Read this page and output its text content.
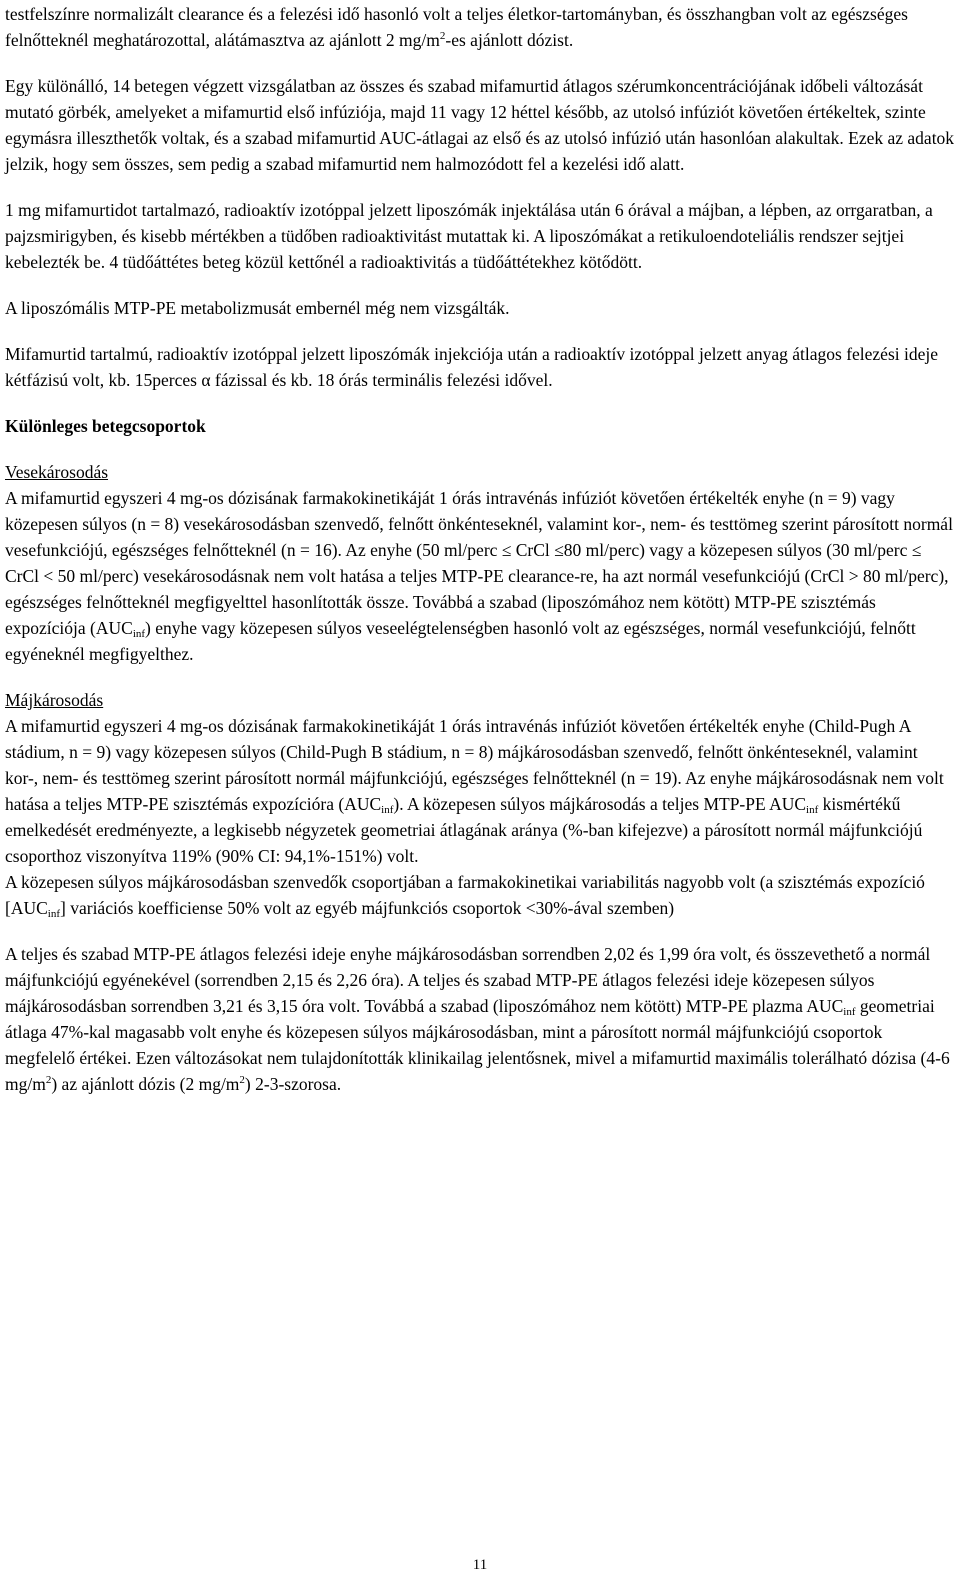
testfelszínre normalizált clearance és a felezési idő hasonló volt a teljes életkor-tartományban, és összhangban volt az egészséges felnőtteknél meghatározottal, alátámasztva az ajánlott 2 $mg/m^2-es$ ajánlott dózist.

Egy különálló, 14 betegen végzett vizsgálatban az összes és szabad mifamurtid átlagos szérumkoncentrációjának időbeli változását mutató görbék, amelyeket a mifamurtid első infúziója, majd 11 vagy 12 héttel később, az utolsó infúziót követően értékeltek, szinte egymásra illeszthetők voltak, és a szabad mifamurtid AUC-átlagai az első és az utolsó infúzió után hasonlóan alakultak. Ezek az adatok jelzik, hogy sem összes, sem pedig a szabad mifamurtid nem halmozódott fel a kezelési idő alatt.

1 mg mifamurtidot tartalmazó, radioaktív izotóppal jelzett liposzómák injektálása után 6 órával a májban, a lépben, az orrgaratban, a pajzsmirigyben, és kisebb mértékben a tüdőben radioaktivitást mutattak ki. A liposzómákat a retikuloendoteliális rendszer sejtjei kebelezték be. 4 tüdőáttétes beteg közül kettőnél a radioaktivitás a tüdőáttétekhez kötődött.

A liposzómális MTP-PE metabolizmusát embernél még nem vizsgálták.

Mifamurtid tartalmú, radioaktív izotóppal jelzett liposzómák injekciója után a radioaktív izotóppal jelzett anyag átlagos felezési ideje kétfázisú volt, kb. 15perces α fázissal és kb. 18 órás terminális felezési idővel.

Különleges betegcsoportok

Vesekárosodás

A mifamurtid egyszeri 4 mg-os dózisának farmakokinetikáját 1 órás intravénás infúziót követően értékelték enyhe (n = 9) vagy közepesen súlyos (n = 8) vesekárosodásban szenvedő, felnőtt önkénteseknél, valamint kor-, nem- és testtömeg szerint párosított normál vesefunkciójú, egészséges felnőtteknél (n = 16). Az enyhe (50 ml/perc ≤ CrCl ≤80 ml/perc) vagy a közepesen súlyos (30 ml/perc ≤ CrCl < 50 ml/perc) vesekárosodásnak nem volt hatása a teljes MTP-PE clearance-re, ha azt normál vesefunkciójú (CrCl > 80 ml/perc), egészséges felnőtteknél megfigyelttel hasonlították össze. Továbbá a szabad (liposzómához nem kötött) MTP-PE szisztémás expozíciója $(AUC_{inf})$ enyhe vagy közepesen súlyos veseelégtelenségben hasonló volt az egészséges, normál vesefunkciójú, felnőtt egyéneknél megfigyelthez.

Májkárosodás

A mifamurtid egyszeri 4 mg-os dózisának farmakokinetikáját 1 órás intravénás infúziót követően értékelték enyhe (Child-Pugh A stádium, n = 9) vagy közepesen súlyos (Child-Pugh B stádium, n = 8) májkárosodásban szenvedő, felnőtt önkénteseknél, valamint kor-, nem- és testtömeg szerint párosított normál májfunkciójú, egészséges felnőtteknél (n = 19). Az enyhe májkárosodásnak nem volt hatása a teljes MTP-PE szisztémás expozícióra $(AUC_{inf})$. A közepesen súlyos májkárosodás a teljes MTP-PE $AUC_{inf}$ kismértékű emelkedését eredményezte, a legkisebb négyzetek geometriai átlagának aránya (%-ban kifejezve) a párosított normál májfunkciójú csoporthoz viszonyítva 119% (90% CI: 94,1%-151%) volt.

A közepesen súlyos májkárosodásban szenvedők csoportjában a farmakokinetikai variabilitás nagyobb volt (a szisztémás expozíció $[AUC_{inf}]$ variációs koefficiense 50% volt az egyéb májfunkciós csoportok <30%-ával szemben)

A teljes és szabad MTP-PE átlagos felezési ideje enyhe májkárosodásban sorrendben 2,02 és 1,99 óra volt, és összevethető a normál májfunkciójú egyénekével (sorrendben 2,15 és 2,26 óra). A teljes és szabad MTP-PE átlagos felezési ideje közepesen súlyos májkárosodásban sorrendben 3,21 és 3,15 óra volt. Továbbá a szabad (liposzómához nem kötött) MTP-PE plazma $AUC_{inf}$ geometriai átlaga 47%-kal magasabb volt enyhe és közepesen súlyos májkárosodásban, mint a párosított normál májfunkciójú csoportok megfelelő értékei. Ezen változásokat nem tulajdonították klinikailag jelentősnek, mivel a mifamurtid maximális tolerálható dózisa (4-6 $mg/m^2$) az ajánlott dózis (2 $mg/m^2$) 2-3-szorosa.

11
